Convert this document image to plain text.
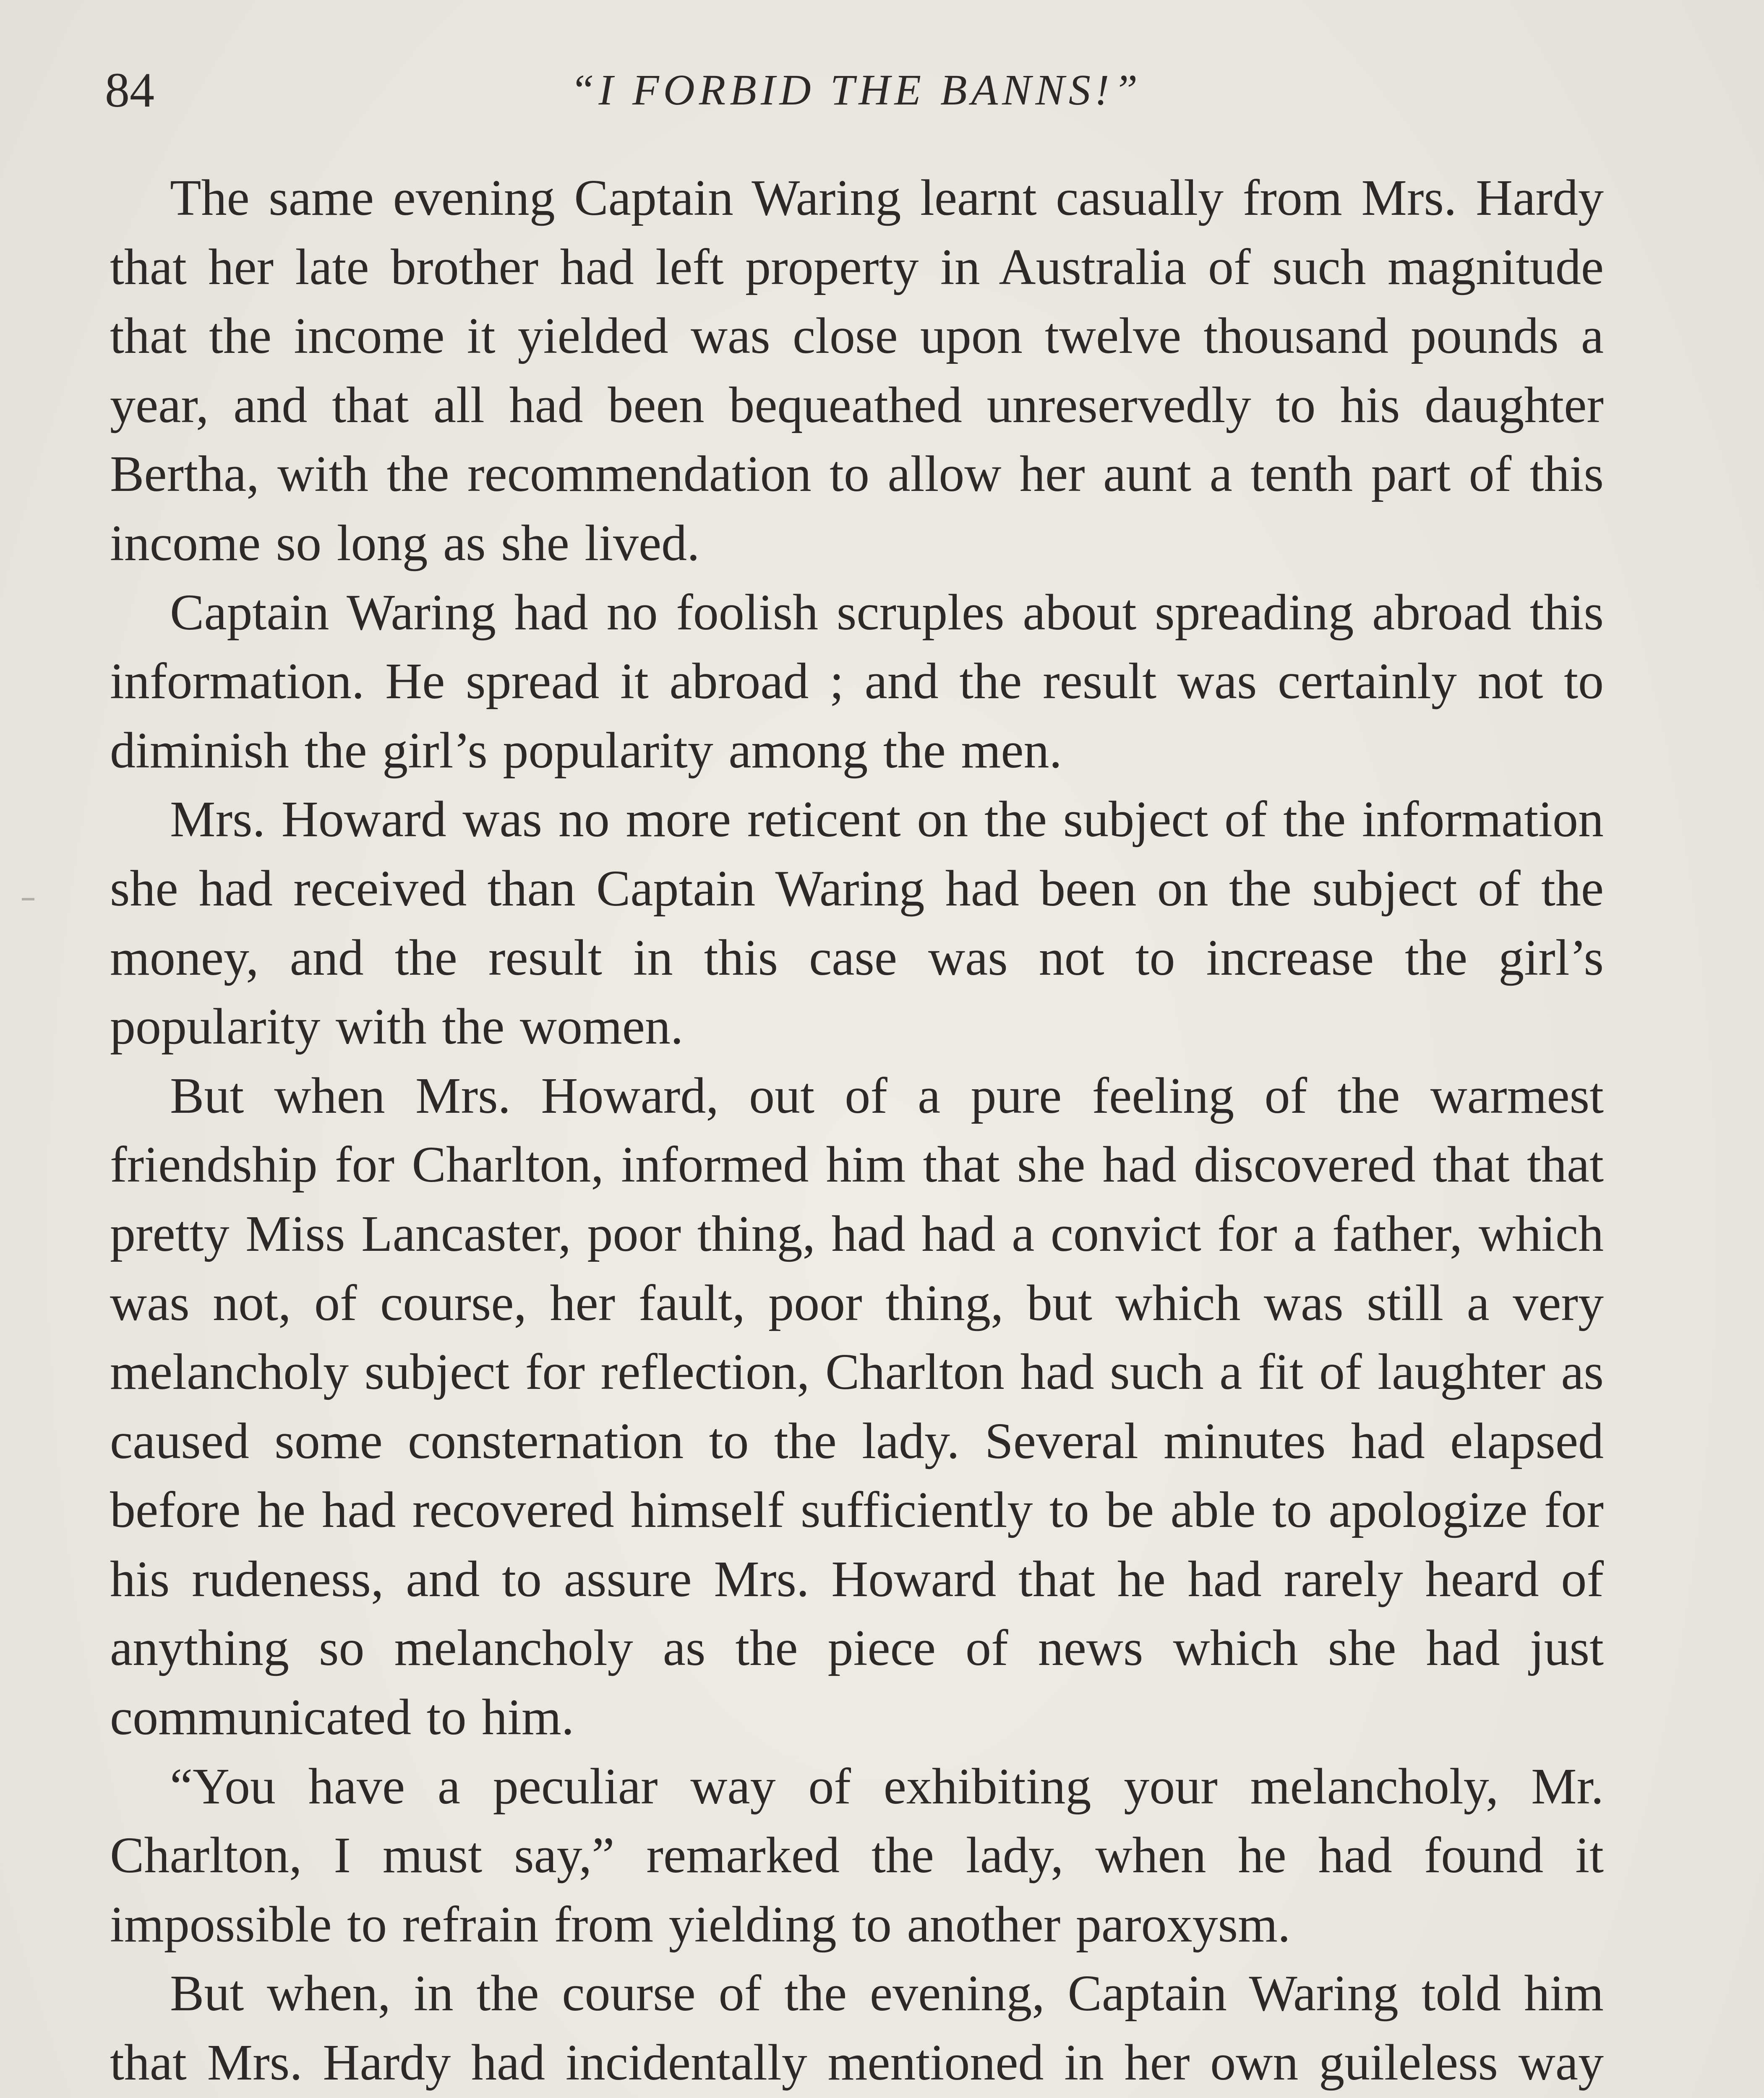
84	“I FORBID THE BANNS!”

The same evening Captain Waring learnt casually from Mrs. Hardy that her late brother had left property in Australia of such magnitude that the income it yielded was close upon twelve thousand pounds a year, and that all had been bequeathed unreservedly to his daughter Bertha, with the recommendation to allow her aunt a tenth part of this income so long as she lived.

Captain Waring had no foolish scruples about spreading abroad this information. He spread it abroad ; and the result was certainly not to diminish the girl’s popularity among the men.

Mrs. Howard was no more reticent on the subject of the information she had received than Captain Waring had been on the subject of the money, and the result in this case was not to increase the girl’s popularity with the women.

But when Mrs. Howard, out of a pure feeling of the warmest friendship for Charlton, informed him that she had discovered that that pretty Miss Lancaster, poor thing, had had a convict for a father, which was not, of course, her fault, poor thing, but which was still a very melancholy subject for reflection, Charlton had such a fit of laughter as caused some consternation to the lady. Several minutes had elapsed before he had recovered himself sufficiently to be able to apologize for his rudeness, and to assure Mrs. Howard that he had rarely heard of anything so melancholy as the piece of news which she had just communicated to him.

“You have a peculiar way of exhibiting your melancholy, Mr. Charlton, I must say,” remarked the lady, when he had found it impossible to refrain from yielding to another paroxysm.

But when, in the course of the evening, Captain Waring told him that Mrs. Hardy had incidentally mentioned in her own guileless way
